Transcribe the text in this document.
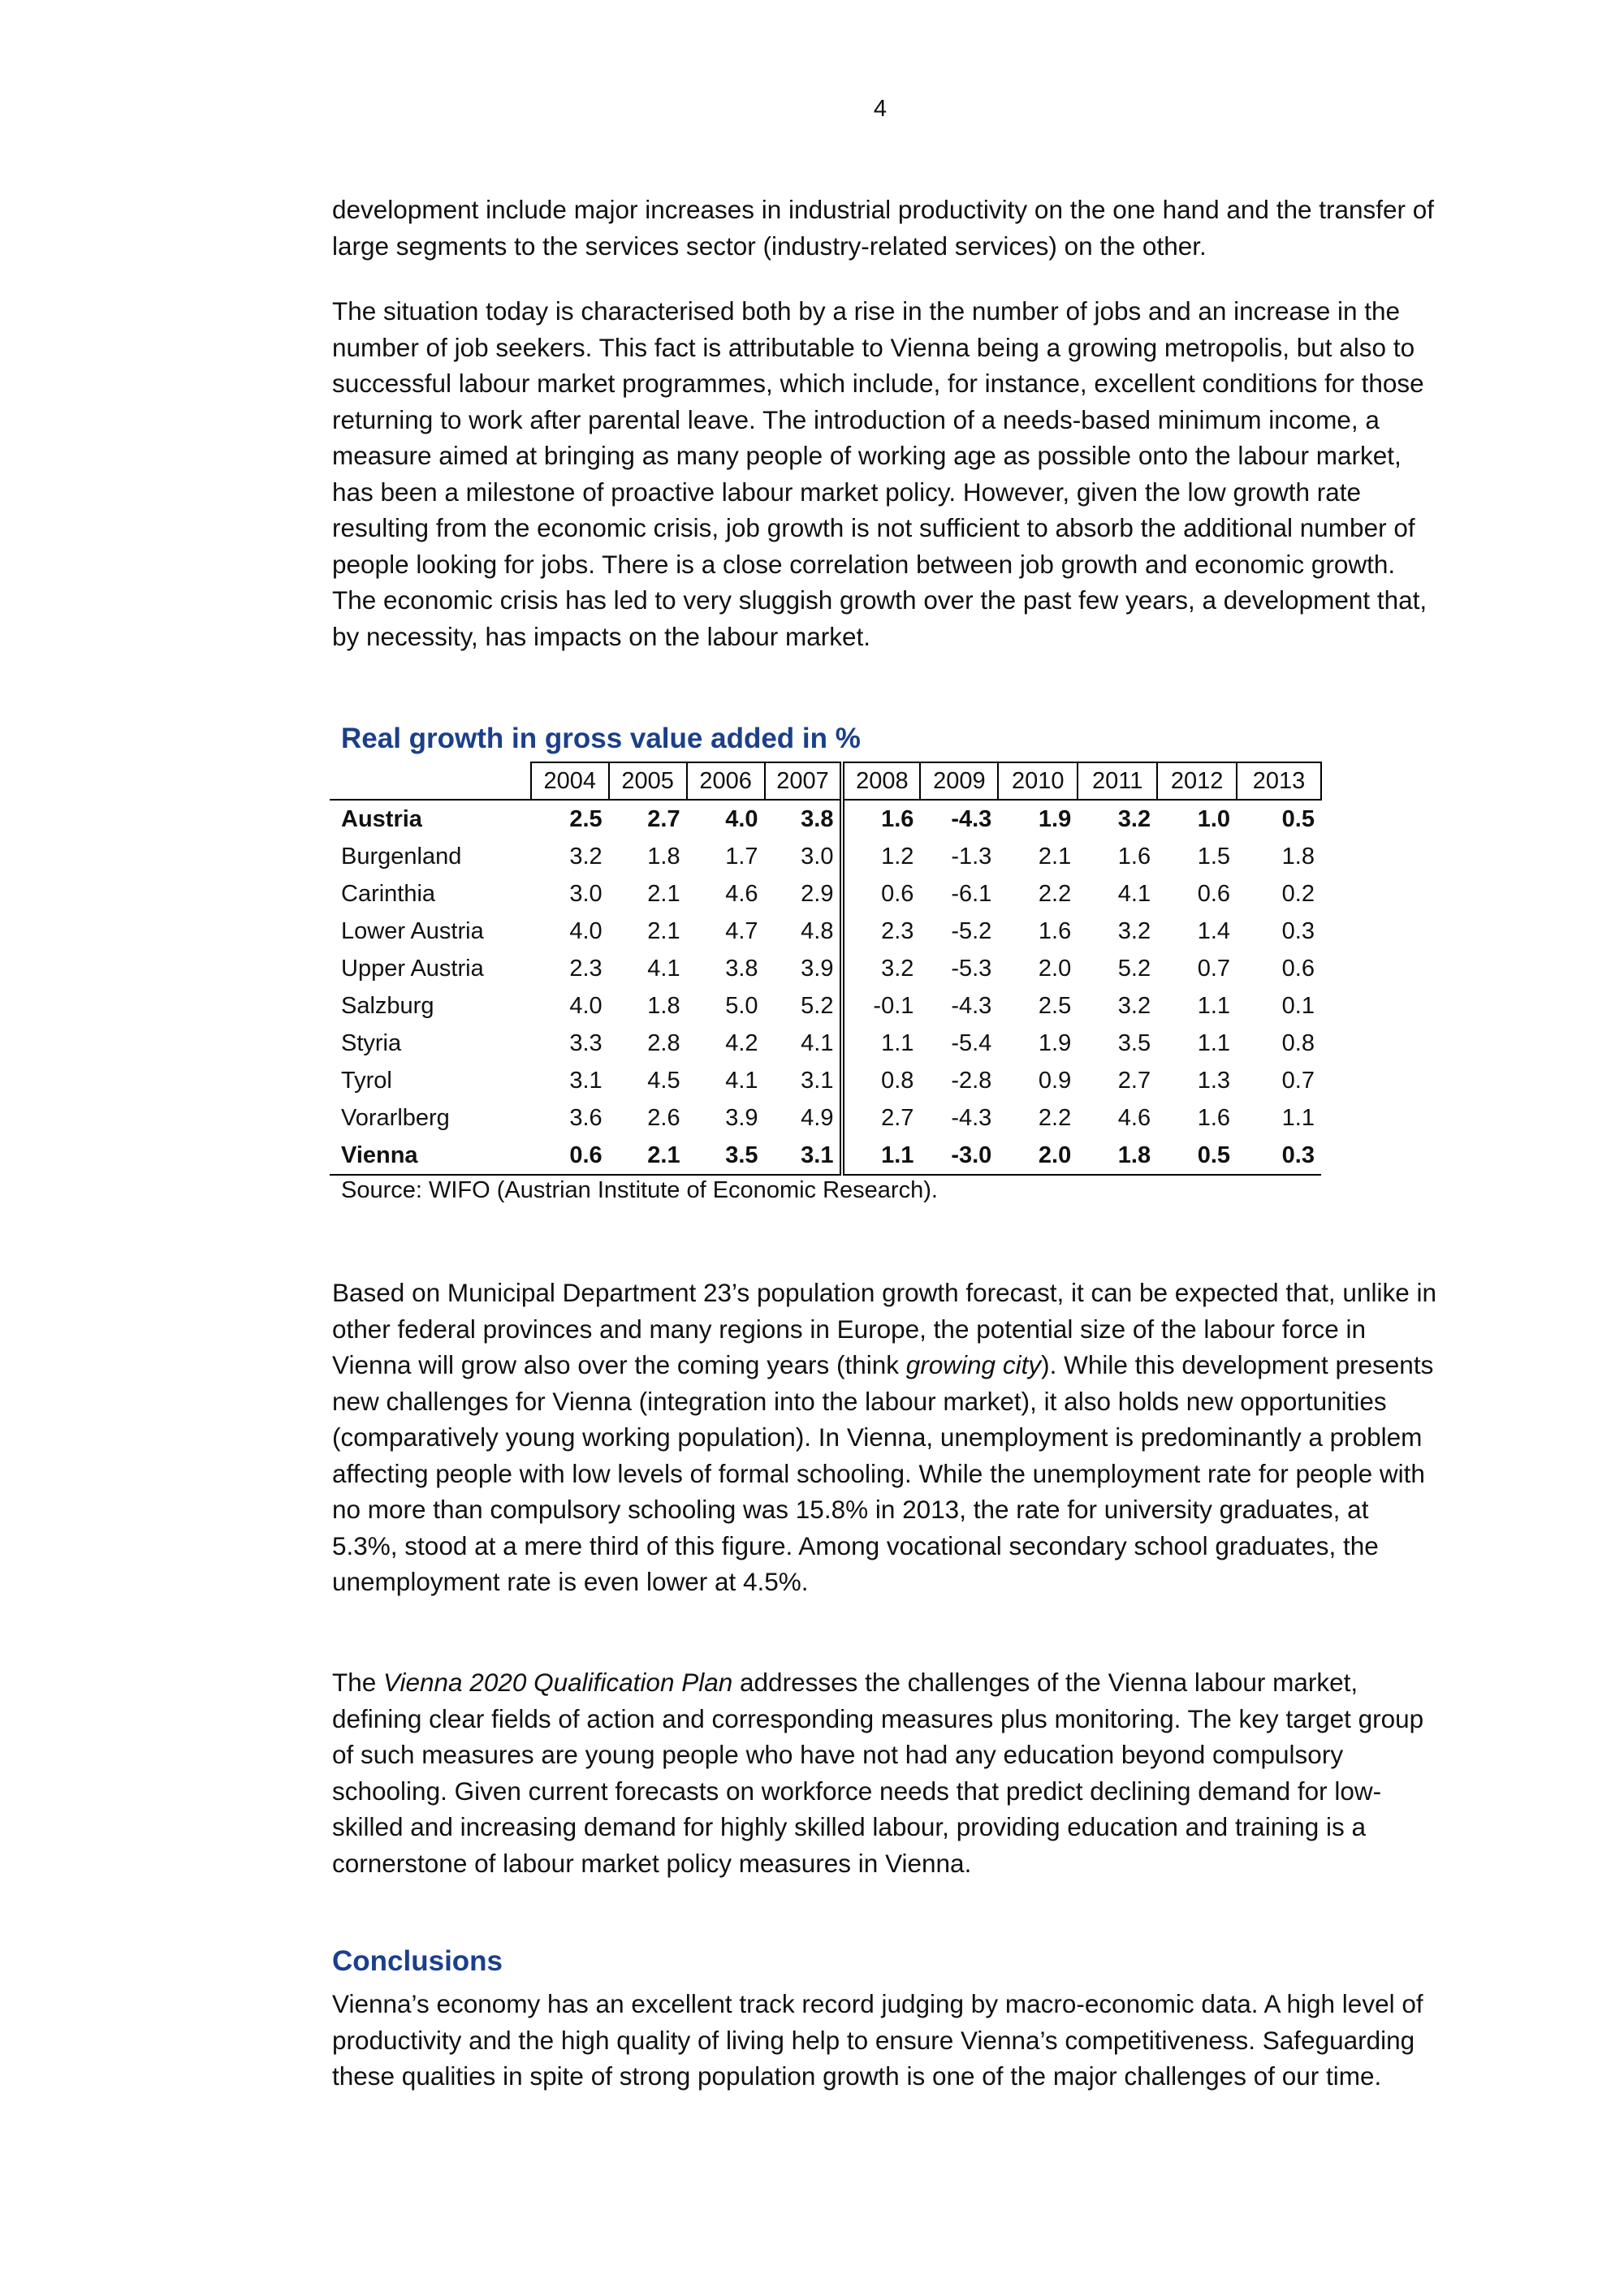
4

development include major increases in industrial productivity on the one hand and the transfer of large segments to the services sector (industry-related services) on the other.

The situation today is characterised both by a rise in the number of jobs and an increase in the number of job seekers. This fact is attributable to Vienna being a growing metropolis, but also to successful labour market programmes, which include, for instance, excellent conditions for those returning to work after parental leave. The introduction of a needs-based minimum income, a measure aimed at bringing as many people of working age as possible onto the labour market, has been a milestone of proactive labour market policy. However, given the low growth rate resulting from the economic crisis, job growth is not sufficient to absorb the additional number of people looking for jobs. There is a close correlation between job growth and economic growth. The economic crisis has led to very sluggish growth over the past few years, a development that, by necessity, has impacts on the labour market.

Real growth in gross value added in %
	2004	2005	2006	2007	2008	2009	2010	2011	2012	2013
Austria	2.5	2.7	4.0	3.8	1.6	-4.3	1.9	3.2	1.0	0.5
Burgenland	3.2	1.8	1.7	3.0	1.2	-1.3	2.1	1.6	1.5	1.8
Carinthia	3.0	2.1	4.6	2.9	0.6	-6.1	2.2	4.1	0.6	0.2
Lower Austria	4.0	2.1	4.7	4.8	2.3	-5.2	1.6	3.2	1.4	0.3
Upper Austria	2.3	4.1	3.8	3.9	3.2	-5.3	2.0	5.2	0.7	0.6
Salzburg	4.0	1.8	5.0	5.2	-0.1	-4.3	2.5	3.2	1.1	0.1
Styria	3.3	2.8	4.2	4.1	1.1	-5.4	1.9	3.5	1.1	0.8
Tyrol	3.1	4.5	4.1	3.1	0.8	-2.8	0.9	2.7	1.3	0.7
Vorarlberg	3.6	2.6	3.9	4.9	2.7	-4.3	2.2	4.6	1.6	1.1
Vienna	0.6	2.1	3.5	3.1	1.1	-3.0	2.0	1.8	0.5	0.3

Source: WIFO (Austrian Institute of Economic Research).

Based on Municipal Department 23’s population growth forecast, it can be expected that, unlike in other federal provinces and many regions in Europe, the potential size of the labour force in Vienna will grow also over the coming years (think growing city). While this development presents new challenges for Vienna (integration into the labour market), it also holds new opportunities (comparatively young working population). In Vienna, unemployment is predominantly a problem affecting people with low levels of formal schooling. While the unemployment rate for people with no more than compulsory schooling was 15.8% in 2013, the rate for university graduates, at 5.3%, stood at a mere third of this figure. Among vocational secondary school graduates, the unemployment rate is even lower at 4.5%.

The Vienna 2020 Qualification Plan addresses the challenges of the Vienna labour market, defining clear fields of action and corresponding measures plus monitoring. The key target group of such measures are young people who have not had any education beyond compulsory schooling. Given current forecasts on workforce needs that predict declining demand for low-skilled and increasing demand for highly skilled labour, providing education and training is a cornerstone of labour market policy measures in Vienna.

Conclusions

Vienna’s economy has an excellent track record judging by macro-economic data. A high level of productivity and the high quality of living help to ensure Vienna’s competitiveness. Safeguarding these qualities in spite of strong population growth is one of the major challenges of our time.
